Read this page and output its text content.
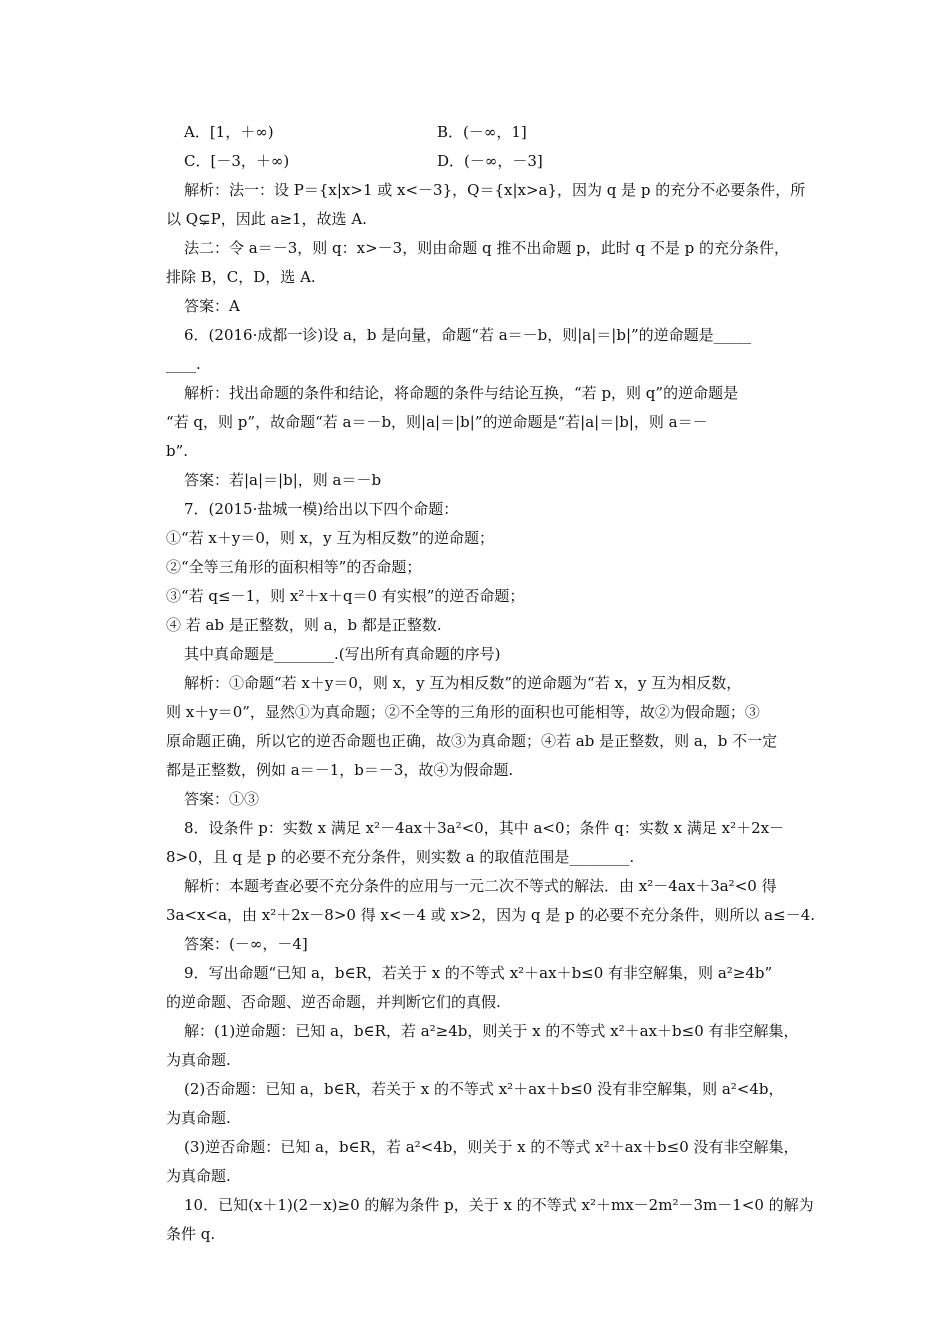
A．[1，＋∞)	B．(－∞，1]
C．[－3，＋∞)	D．(－∞，－3]
解析：法一：设 P＝{x|x>1 或 x<－3}，Q＝{x|x>a}，因为 q 是 p 的充分不必要条件，所
以 Q⊊P，因此 a≥1，故选 A.
法二：令 a＝－3，则 q：x>－3，则由命题 q 推不出命题 p，此时 q 不是 p 的充分条件，
排除 B，C，D，选 A.
答案：A
6．(2016·成都一诊)设 a，b 是向量，命题“若 a＝－b，则|a|＝|b|”的逆命题是_____
____.
解析：找出命题的条件和结论，将命题的条件与结论互换，“若 p，则 q”的逆命题是
“若 q，则 p”，故命题“若 a＝－b，则|a|＝|b|”的逆命题是“若|a|＝|b|，则 a＝－
b”.
答案：若|a|＝|b|，则 a＝－b
7．(2015·盐城一模)给出以下四个命题：
①“若 x＋y＝0，则 x，y 互为相反数”的逆命题；
②“全等三角形的面积相等”的否命题；
③“若 q≤－1，则 x²＋x＋q＝0 有实根”的逆否命题；
④ 若 ab 是正整数，则 a，b 都是正整数.
其中真命题是________.(写出所有真命题的序号)
解析：①命题“若 x＋y＝0，则 x，y 互为相反数”的逆命题为“若 x，y 互为相反数，
则 x＋y＝0”，显然①为真命题；②不全等的三角形的面积也可能相等，故②为假命题；③
原命题正确，所以它的逆否命题也正确，故③为真命题；④若 ab 是正整数，则 a，b 不一定
都是正整数，例如 a＝－1，b＝－3，故④为假命题.
答案：①③
8．设条件 p：实数 x 满足 x²－4ax＋3a²<0，其中 a<0；条件 q：实数 x 满足 x²＋2x－
8>0，且 q 是 p 的必要不充分条件，则实数 a 的取值范围是________.
解析：本题考查必要不充分条件的应用与一元二次不等式的解法．由 x²－4ax＋3a²<0 得
3a<x<a，由 x²＋2x－8>0 得 x<－4 或 x>2，因为 q 是 p 的必要不充分条件，则所以 a≤－4.
答案：(－∞，－4]
9．写出命题“已知 a，b∈R，若关于 x 的不等式 x²＋ax＋b≤0 有非空解集，则 a²≥4b”
的逆命题、否命题、逆否命题，并判断它们的真假.
解：(1)逆命题：已知 a，b∈R，若 a²≥4b，则关于 x 的不等式 x²＋ax＋b≤0 有非空解集，
为真命题.
(2)否命题：已知 a，b∈R，若关于 x 的不等式 x²＋ax＋b≤0 没有非空解集，则 a²<4b，
为真命题.
(3)逆否命题：已知 a，b∈R，若 a²<4b，则关于 x 的不等式 x²＋ax＋b≤0 没有非空解集，
为真命题.
10．已知(x＋1)(2－x)≥0 的解为条件 p，关于 x 的不等式 x²＋mx－2m²－3m－1<0 的解为
条件 q.
